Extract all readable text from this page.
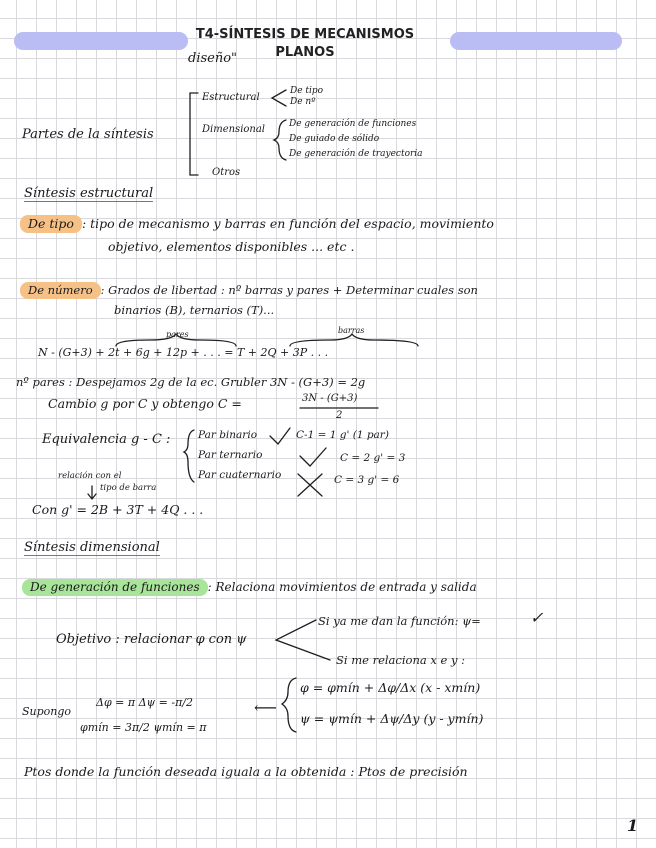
T4-SÍNTESIS DE MECANISMOS
PLANOS
diseño"
Partes de la síntesis
Estructural
De tipo
De nº
Dimensional	De generación de funciones
De guiado de sólido
De generación de trayectoria
Otros
Síntesis estructural
De tipo : tipo de mecanismo y barras en función del espacio, movimiento
objetivo, elementos disponibles ... etc .
De número : Grados de libertad : nº barras y pares + Determinar cuales son
binarios (B), ternarios (T)...
pares	barras
N - (G+3) + 2t + 6g + 12p + . . . = T + 2Q + 3P . . .
nº pares : Despejamos 2g de la ec. Grubler 3N - (G+3) = 2g
Cambio g por C y obtengo C =	3N - (G+3)
2
Equivalencia g - C :	Par binario	C-1 = 1 g' (1 par)
Par ternario	C = 2 g' = 3
Par cuaternario	C = 3 g' = 6
relación con el
tipo de barra
Con g' = 2B + 3T + 4Q . . .
Síntesis dimensional
De generación de funciones : Relaciona movimientos de entrada y salida
Objetivo : relacionar φ con ψ
Si ya me dan la función: ψ=	✓
Si me relaciona x e y :
Supongo
Δφ = π Δψ = -π/2
φmín = 3π/2 ψmín = π
⟵
φ = φmín + Δφ/Δx (x - xmín)
ψ = ψmín + Δψ/Δy (y - ymín)
Ptos donde la función deseada iguala a la obtenida : Ptos de precisión
1
